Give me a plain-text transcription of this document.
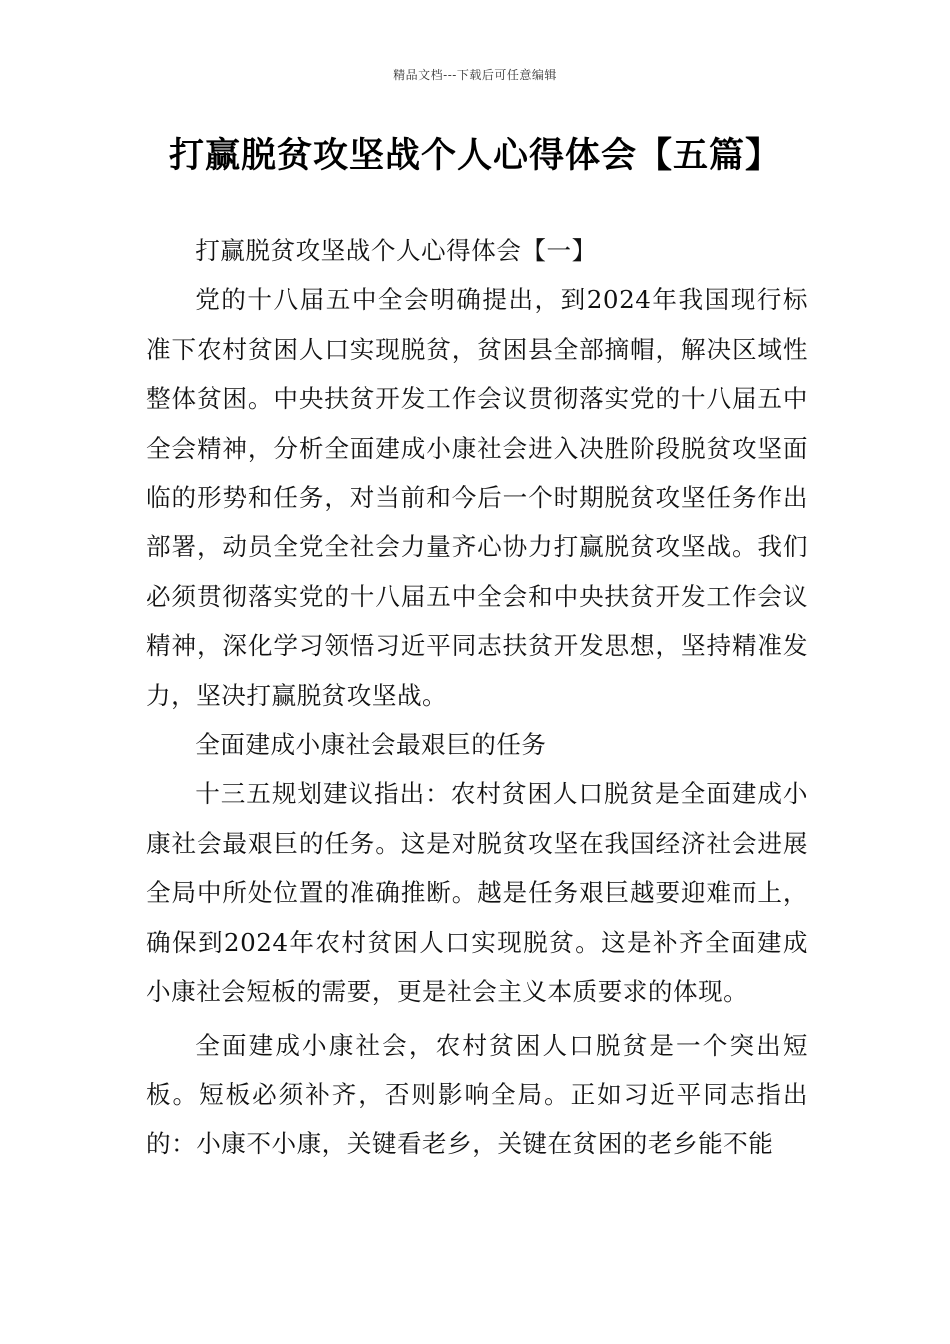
精品文档---下载后可任意编辑
打赢脱贫攻坚战个人心得体会【五篇】

打赢脱贫攻坚战个人心得体会【一】

党的十八届五中全会明确提出，到2024年我国现行标准下农村贫困人口实现脱贫，贫困县全部摘帽，解决区域性整体贫困。中央扶贫开发工作会议贯彻落实党的十八届五中全会精神，分析全面建成小康社会进入决胜阶段脱贫攻坚面临的形势和任务，对当前和今后一个时期脱贫攻坚任务作出部署，动员全党全社会力量齐心协力打赢脱贫攻坚战。我们必须贯彻落实党的十八届五中全会和中央扶贫开发工作会议精神，深化学习领悟习近平同志扶贫开发思想，坚持精准发力，坚决打赢脱贫攻坚战。

全面建成小康社会最艰巨的任务

十三五规划建议指出：农村贫困人口脱贫是全面建成小康社会最艰巨的任务。这是对脱贫攻坚在我国经济社会进展全局中所处位置的准确推断。越是任务艰巨越要迎难而上，确保到2024年农村贫困人口实现脱贫。这是补齐全面建成小康社会短板的需要，更是社会主义本质要求的体现。

全面建成小康社会，农村贫困人口脱贫是一个突出短板。短板必须补齐，否则影响全局。正如习近平同志指出的：小康不小康，关键看老乡，关键在贫困的老乡能不能
